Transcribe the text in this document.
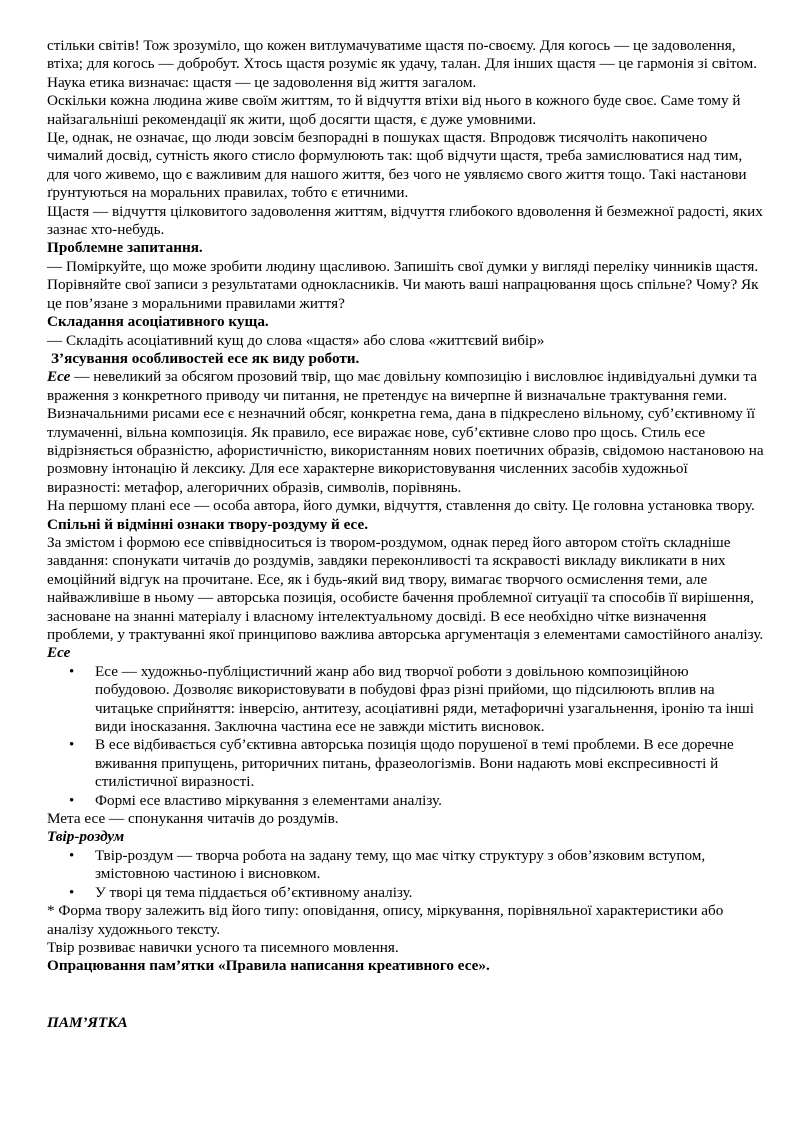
стільки світів! Тож зрозуміло, що кожен витлумачуватиме щастя по-своєму. Для когось — це задоволення, втіха; для когось — добробут. Хтось щастя розуміє як удачу, талан. Для інших щастя — це гармонія зі світом. Наука етика визначає: щастя — це задоволення від життя загалом.

Оскільки кожна людина живе своїм життям, то й відчуття втіхи від нього в кожного буде своє. Саме тому й найзагальніші рекомендації як жити, щоб досягти щастя, є дуже умовними.

Це, однак, не означає, що люди зовсім безпорадні в пошуках щастя. Впродовж тисячоліть накопичено чималий досвід, сутність якого стисло формулюють так: щоб відчути щастя, треба замислюватися над тим, для чого живемо, що є важливим для нашого життя, без чого не уявляємо свого життя тощо. Такі настанови ґрунтуються на моральних правилах, тобто є етичними.

Щастя — відчуття цілковитого задоволення життям, відчуття глибокого вдоволення й безмежної радості, яких зазнає хто-небудь.

Проблемне запитання.

— Поміркуйте, що може зробити людину щасливою. Запишіть свої думки у вигляді переліку чинників щастя. Порівняйте свої записи з результатами однокласників. Чи мають ваші напрацювання щось спільне? Чому? Як це пов’язане з моральними правилами життя?

Складання асоціативного куща.

— Складіть асоціативний кущ до слова «щастя» або слова «життєвий вибір»

З’ясування особливостей есе як виду роботи.

Есе — невеликий за обсягом прозовий твір, що має довільну композицію і висловлює індивідуальні думки та враження з конкретного приводу чи питання, не претендує на вичерпне й визначальне трактування геми.

Визначальними рисами есе є незначний обсяг, конкретна гема, дана в підкреслено вільному, суб’єктивному її тлумаченні, вільна композиція. Як правило, есе виражає нове, суб’єктивне слово про щось. Стиль есе відрізняється образністю, афористичністю, використанням нових поетичних образів, свідомою настановою на розмовну інтонацію й лексику. Для есе характерне використовування численних засобів художньої виразності: метафор, алегоричних образів, символів, порівнянь.

На першому плані есе — особа автора, його думки, відчуття, ставлення до світу. Це головна установка твору.

Спільні й відмінні ознаки твору-роздуму й есе.

За змістом і формою есе співвідноситься із твором-роздумом, однак перед його автором стоїть складніше завдання: спонукати читачів до роздумів, завдяки переконливості та яскравості викладу викликати в них емоційний відгук на прочитане. Есе, як і будь-який вид твору, вимагає творчого осмислення теми, але найважливіше в ньому — авторська позиція, особисте бачення проблемної ситуації та способів її вирішення, засноване на знанні матеріалу і власному інтелектуальному досвіді. В есе необхідно чітке визначення проблеми, у трактуванні якої принципово важлива авторська аргументація з елементами самостійного аналізу.

Есе

• Есе — художньо-публіцистичний жанр або вид творчої роботи з довільною композиційною побудовою. Дозволяє використовувати в побудові фраз різні прийоми, що підсилюють вплив на читацьке сприйняття: інверсію, антитезу, асоціативні ряди, метафоричні узагальнення, іронію та інші види іносказання. Заключна частина есе не завжди містить висновок.
• В есе відбивається суб’єктивна авторська позиція щодо порушеної в темі проблеми. В есе доречне вживання припущень, риторичних питань, фразеологізмів. Вони надають мові експресивності й стилістичної виразності.
• Формі есе властиво міркування з елементами аналізу.

Мета есе — спонукання читачів до роздумів.

Твір-роздум

• Твір-роздум — творча робота на задану тему, що має чітку структуру з обов’язковим вступом, змістовною частиною і висновком.
• У творі ця тема піддається об’єктивному аналізу.

* Форма твору залежить від його типу: оповідання, опису, міркування, порівняльної характеристики або аналізу художнього тексту.

Твір розвиває навички усного та писемного мовлення.

Опрацювання пам’ятки «Правила написання креативного есе».

ПАМ’ЯТКА
